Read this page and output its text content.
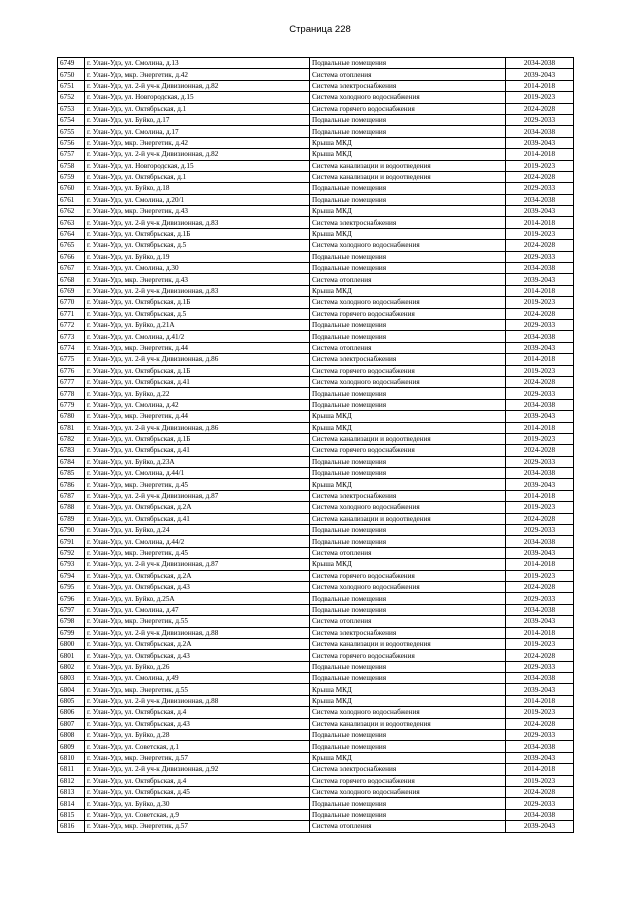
Страница 228
6749	г. Улан-Удэ, ул. Смолина, д.13	Подвальные помещения	2034-2038
6750	г. Улан-Удэ, мкр. Энергетик, д.42	Система отопления	2039-2043
6751	г. Улан-Удэ, ул. 2-й уч-к Дивизионная, д.82	Система электроснабжения	2014-2018
6752	г. Улан-Удэ, ул. Новгородская, д.15	Система холодного водоснабжения	2019-2023
6753	г. Улан-Удэ, ул. Октябрьская, д.1	Система горячего водоснабжения	2024-2028
6754	г. Улан-Удэ, ул. Буйко, д.17	Подвальные помещения	2029-2033
6755	г. Улан-Удэ, ул. Смолина, д.17	Подвальные помещения	2034-2038
6756	г. Улан-Удэ, мкр. Энергетик, д.42	Крыша МКД	2039-2043
6757	г. Улан-Удэ, ул. 2-й уч-к Дивизионная, д.82	Крыша МКД	2014-2018
6758	г. Улан-Удэ, ул. Новгородская, д.15	Система канализации и водоотведения	2019-2023
6759	г. Улан-Удэ, ул. Октябрьская, д.1	Система канализации и водоотведения	2024-2028
6760	г. Улан-Удэ, ул. Буйко, д.18	Подвальные помещения	2029-2033
6761	г. Улан-Удэ, ул. Смолина, д.20/1	Подвальные помещения	2034-2038
6762	г. Улан-Удэ, мкр. Энергетик, д.43	Крыша МКД	2039-2043
6763	г. Улан-Удэ, ул. 2-й уч-к Дивизионная, д.83	Система электроснабжения	2014-2018
6764	г. Улан-Удэ, ул. Октябрьская, д.1Б	Крыша МКД	2019-2023
6765	г. Улан-Удэ, ул. Октябрьская, д.5	Система холодного водоснабжения	2024-2028
6766	г. Улан-Удэ, ул. Буйко, д.19	Подвальные помещения	2029-2033
6767	г. Улан-Удэ, ул. Смолина, д.30	Подвальные помещения	2034-2038
6768	г. Улан-Удэ, мкр. Энергетик, д.43	Система отопления	2039-2043
6769	г. Улан-Удэ, ул. 2-й уч-к Дивизионная, д.83	Крыша МКД	2014-2018
6770	г. Улан-Удэ, ул. Октябрьская, д.1Б	Система холодного водоснабжения	2019-2023
6771	г. Улан-Удэ, ул. Октябрьская, д.5	Система горячего водоснабжения	2024-2028
6772	г. Улан-Удэ, ул. Буйко, д.21А	Подвальные помещения	2029-2033
6773	г. Улан-Удэ, ул. Смолина, д.41/2	Подвальные помещения	2034-2038
6774	г. Улан-Удэ, мкр. Энергетик, д.44	Система отопления	2039-2043
6775	г. Улан-Удэ, ул. 2-й уч-к Дивизионная, д.86	Система электроснабжения	2014-2018
6776	г. Улан-Удэ, ул. Октябрьская, д.1Б	Система горячего водоснабжения	2019-2023
6777	г. Улан-Удэ, ул. Октябрьская, д.41	Система холодного водоснабжения	2024-2028
6778	г. Улан-Удэ, ул. Буйко, д.22	Подвальные помещения	2029-2033
6779	г. Улан-Удэ, ул. Смолина, д.42	Подвальные помещения	2034-2038
6780	г. Улан-Удэ, мкр. Энергетик, д.44	Крыша МКД	2039-2043
6781	г. Улан-Удэ, ул. 2-й уч-к Дивизионная, д.86	Крыша МКД	2014-2018
6782	г. Улан-Удэ, ул. Октябрьская, д.1Б	Система канализации и водоотведения	2019-2023
6783	г. Улан-Удэ, ул. Октябрьская, д.41	Система горячего водоснабжения	2024-2028
6784	г. Улан-Удэ, ул. Буйко, д.23А	Подвальные помещения	2029-2033
6785	г. Улан-Удэ, ул. Смолина, д.44/1	Подвальные помещения	2034-2038
6786	г. Улан-Удэ, мкр. Энергетик, д.45	Крыша МКД	2039-2043
6787	г. Улан-Удэ, ул. 2-й уч-к Дивизионная, д.87	Система электроснабжения	2014-2018
6788	г. Улан-Удэ, ул. Октябрьская, д.2А	Система холодного водоснабжения	2019-2023
6789	г. Улан-Удэ, ул. Октябрьская, д.41	Система канализации и водоотведения	2024-2028
6790	г. Улан-Удэ, ул. Буйко, д.24	Подвальные помещения	2029-2033
6791	г. Улан-Удэ, ул. Смолина, д.44/2	Подвальные помещения	2034-2038
6792	г. Улан-Удэ, мкр. Энергетик, д.45	Система отопления	2039-2043
6793	г. Улан-Удэ, ул. 2-й уч-к Дивизионная, д.87	Крыша МКД	2014-2018
6794	г. Улан-Удэ, ул. Октябрьская, д.2А	Система горячего водоснабжения	2019-2023
6795	г. Улан-Удэ, ул. Октябрьская, д.43	Система холодного водоснабжения	2024-2028
6796	г. Улан-Удэ, ул. Буйко, д.25А	Подвальные помещения	2029-2033
6797	г. Улан-Удэ, ул. Смолина, д.47	Подвальные помещения	2034-2038
6798	г. Улан-Удэ, мкр. Энергетик, д.55	Система отопления	2039-2043
6799	г. Улан-Удэ, ул. 2-й уч-к Дивизионная, д.88	Система электроснабжения	2014-2018
6800	г. Улан-Удэ, ул. Октябрьская, д.2А	Система канализации и водоотведения	2019-2023
6801	г. Улан-Удэ, ул. Октябрьская, д.43	Система горячего водоснабжения	2024-2028
6802	г. Улан-Удэ, ул. Буйко, д.26	Подвальные помещения	2029-2033
6803	г. Улан-Удэ, ул. Смолина, д.49	Подвальные помещения	2034-2038
6804	г. Улан-Удэ, мкр. Энергетик, д.55	Крыша МКД	2039-2043
6805	г. Улан-Удэ, ул. 2-й уч-к Дивизионная, д.88	Крыша МКД	2014-2018
6806	г. Улан-Удэ, ул. Октябрьская, д.4	Система холодного водоснабжения	2019-2023
6807	г. Улан-Удэ, ул. Октябрьская, д.43	Система канализации и водоотведения	2024-2028
6808	г. Улан-Удэ, ул. Буйко, д.28	Подвальные помещения	2029-2033
6809	г. Улан-Удэ, ул. Советская, д.1	Подвальные помещения	2034-2038
6810	г. Улан-Удэ, мкр. Энергетик, д.57	Крыша МКД	2039-2043
6811	г. Улан-Удэ, ул. 2-й уч-к Дивизионная, д.92	Система электроснабжения	2014-2018
6812	г. Улан-Удэ, ул. Октябрьская, д.4	Система горячего водоснабжения	2019-2023
6813	г. Улан-Удэ, ул. Октябрьская, д.45	Система холодного водоснабжения	2024-2028
6814	г. Улан-Удэ, ул. Буйко, д.30	Подвальные помещения	2029-2033
6815	г. Улан-Удэ, ул. Советская, д.9	Подвальные помещения	2034-2038
6816	г. Улан-Удэ, мкр. Энергетик, д.57	Система отопления	2039-2043
